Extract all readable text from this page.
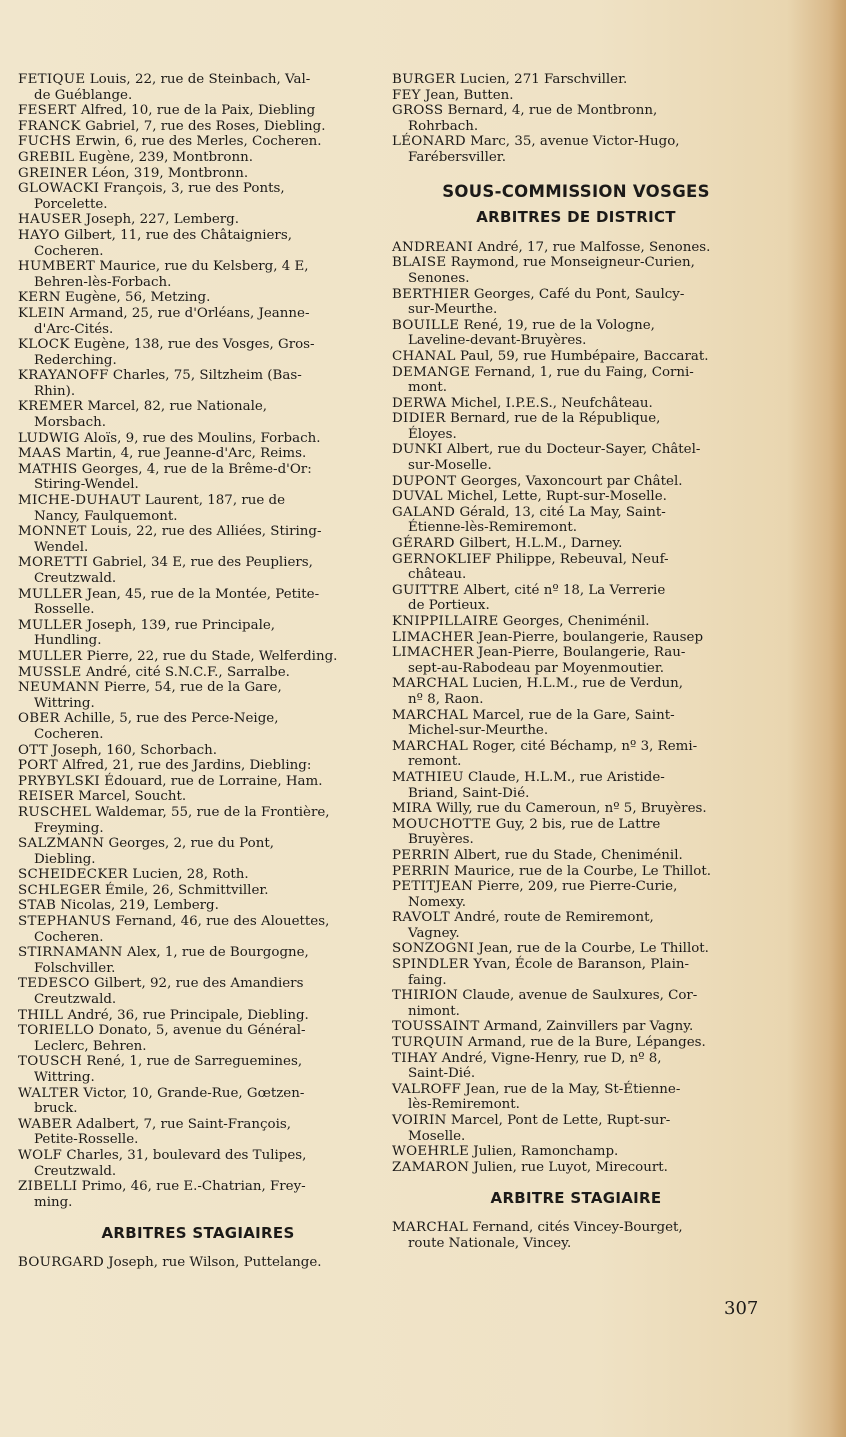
FETIQUE Louis, 22, rue de Steinbach, Val-
de Guéblange.
FESERT Alfred, 10, rue de la Paix, Diebling
FRANCK Gabriel, 7, rue des Roses, Diebling.
FUCHS Erwin, 6, rue des Merles, Cocheren.
GREBIL Eugène, 239, Montbronn.
GREINER Léon, 319, Montbronn.
GLOWACKI François, 3, rue des Ponts,
Porcelette.
HAUSER Joseph, 227, Lemberg.
HAYO Gilbert, 11, rue des Châtaigniers,
Cocheren.
HUMBERT Maurice, rue du Kelsberg, 4 E,
Behren-lès-Forbach.
KERN Eugène, 56, Metzing.
KLEIN Armand, 25, rue d'Orléans, Jeanne-
d'Arc-Cités.
KLOCK Eugène, 138, rue des Vosges, Gros-
Rederching.
KRAYANOFF Charles, 75, Siltzheim (Bas-
Rhin).
KREMER Marcel, 82, rue Nationale,
Morsbach.
LUDWIG Aloïs, 9, rue des Moulins, Forbach.
MAAS Martin, 4, rue Jeanne-d'Arc, Reims.
MATHIS Georges, 4, rue de la Brême-d'Or:
Stiring-Wendel.
MICHE-DUHAUT Laurent, 187, rue de
Nancy, Faulquemont.
MONNET Louis, 22, rue des Alliées, Stiring-
Wendel.
MORETTI Gabriel, 34 E, rue des Peupliers,
Creutzwald.
MULLER Jean, 45, rue de la Montée, Petite-
Rosselle.
MULLER Joseph, 139, rue Principale,
Hundling.
MULLER Pierre, 22, rue du Stade, Welferding.
MUSSLE André, cité S.N.C.F., Sarralbe.
NEUMANN Pierre, 54, rue de la Gare,
Wittring.
OBER Achille, 5, rue des Perce-Neige,
Cocheren.
OTT Joseph, 160, Schorbach.
PORT Alfred, 21, rue des Jardins, Diebling:
PRYBYLSKI Édouard, rue de Lorraine, Ham.
REISER Marcel, Soucht.
RUSCHEL Waldemar, 55, rue de la Frontière,
Freyming.
SALZMANN Georges, 2, rue du Pont,
Diebling.
SCHEIDECKER Lucien, 28, Roth.
SCHLEGER Émile, 26, Schmittviller.
STAB Nicolas, 219, Lemberg.
STEPHANUS Fernand, 46, rue des Alouettes,
Cocheren.
STIRNAMANN Alex, 1, rue de Bourgogne,
Folschviller.
TEDESCO Gilbert, 92, rue des Amandiers
Creutzwald.
THILL André, 36, rue Principale, Diebling.
TORIELLO Donato, 5, avenue du Général-
Leclerc, Behren.
TOUSCH René, 1, rue de Sarreguemines,
Wittring.
WALTER Victor, 10, Grande-Rue, Gœtzen-
bruck.
WABER Adalbert, 7, rue Saint-François,
Petite-Rosselle.
WOLF Charles, 31, boulevard des Tulipes,
Creutzwald.
ZIBELLI Primo, 46, rue E.-Chatrian, Frey-
ming.
ARBITRES STAGIAIRES
BOURGARD Joseph, rue Wilson, Puttelange.
BURGER Lucien, 271 Farschviller.
FEY Jean, Butten.
GROSS Bernard, 4, rue de Montbronn,
Rohrbach.
LÉONARD Marc, 35, avenue Victor-Hugo,
Farébersviller.
SOUS-COMMISSION VOSGES
ARBITRES DE DISTRICT
ANDREANI André, 17, rue Malfosse, Senones.
BLAISE Raymond, rue Monseigneur-Curien,
Senones.
BERTHIER Georges, Café du Pont, Saulcy-
sur-Meurthe.
BOUILLE René, 19, rue de la Vologne,
Laveline-devant-Bruyères.
CHANAL Paul, 59, rue Humbépaire, Baccarat.
DEMANGE Fernand, 1, rue du Faing, Corni-
mont.
DERWA Michel, I.P.E.S., Neufchâteau.
DIDIER Bernard, rue de la République,
Éloyes.
DUNKI Albert, rue du Docteur-Sayer, Châtel-
sur-Moselle.
DUPONT Georges, Vaxoncourt par Châtel.
DUVAL Michel, Lette, Rupt-sur-Moselle.
GALAND Gérald, 13, cité La May, Saint-
Étienne-lès-Remiremont.
GÉRARD Gilbert, H.L.M., Darney.
GERNOKLIEF Philippe, Rebeuval, Neuf-
château.
GUITTRE Albert, cité nº 18, La Verrerie
de Portieux.
KNIPPILLAIRE Georges, Cheniménil.
LIMACHER Jean-Pierre, boulangerie, Rausep
LIMACHER Jean-Pierre, Boulangerie, Rau-
sept-au-Rabodeau par Moyenmoutier.
MARCHAL Lucien, H.L.M., rue de Verdun,
nº 8, Raon.
MARCHAL Marcel, rue de la Gare, Saint-
Michel-sur-Meurthe.
MARCHAL Roger, cité Béchamp, nº 3, Remi-
remont.
MATHIEU Claude, H.L.M., rue Aristide-
Briand, Saint-Dié.
MIRA Willy, rue du Cameroun, nº 5, Bruyères.
MOUCHOTTE Guy, 2 bis, rue de Lattre
Bruyères.
PERRIN Albert, rue du Stade, Cheniménil.
PERRIN Maurice, rue de la Courbe, Le Thillot.
PETITJEAN Pierre, 209, rue Pierre-Curie,
Nomexy.
RAVOLT André, route de Remiremont,
Vagney.
SONZOGNI Jean, rue de la Courbe, Le Thillot.
SPINDLER Yvan, École de Baranson, Plain-
faing.
THIRION Claude, avenue de Saulxures, Cor-
nimont.
TOUSSAINT Armand, Zainvillers par Vagny.
TURQUIN Armand, rue de la Bure, Lépanges.
TIHAY André, Vigne-Henry, rue D, nº 8,
Saint-Dié.
VALROFF Jean, rue de la May, St-Étienne-
lès-Remiremont.
VOIRIN Marcel, Pont de Lette, Rupt-sur-
Moselle.
WOEHRLE Julien, Ramonchamp.
ZAMARON Julien, rue Luyot, Mirecourt.
ARBITRE STAGIAIRE
MARCHAL Fernand, cités Vincey-Bourget,
route Nationale, Vincey.
307
